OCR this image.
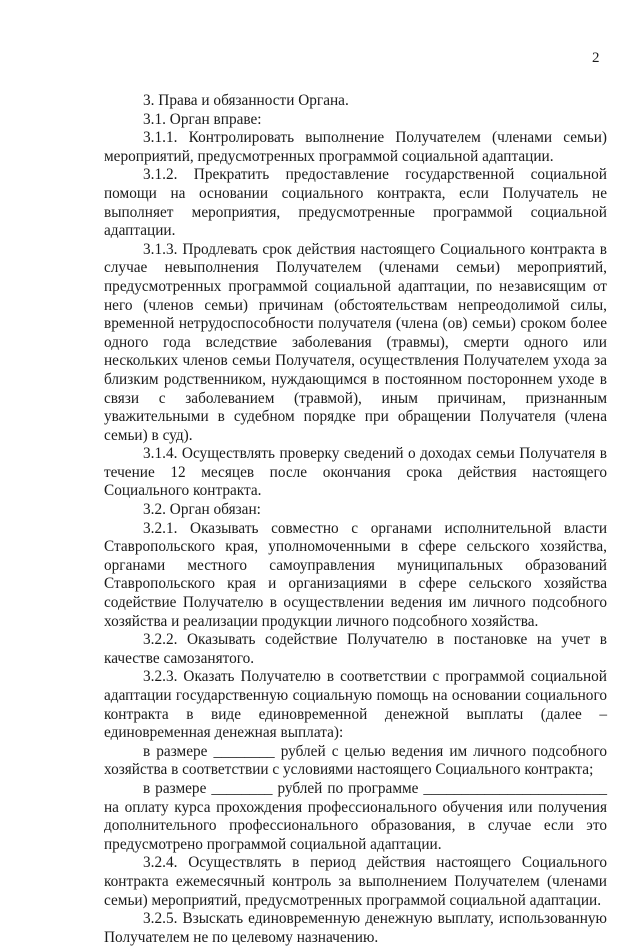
2

3. Права и обязанности Органа.

3.1. Орган вправе:

3.1.1. Контролировать выполнение Получателем (членами семьи) мероприятий, предусмотренных программой социальной адаптации.

3.1.2. Прекратить предоставление государственной социальной помощи на основании социального контракта, если Получатель не выполняет мероприятия, предусмотренные программой социальной адаптации.

3.1.3. Продлевать срок действия настоящего Социального контракта в случае невыполнения Получателем (членами семьи) мероприятий, предусмотренных программой социальной адаптации, по независящим от него (членов семьи) причинам (обстоятельствам непреодолимой силы, временной нетрудоспособности получателя (члена (ов) семьи) сроком более одного года вследствие заболевания (травмы), смерти одного или нескольких членов семьи Получателя, осуществления Получателем ухода за близким родственником, нуждающимся в постоянном постороннем уходе в связи с заболеванием (травмой), иным причинам, признанным уважительными в судебном порядке при обращении Получателя (члена семьи) в суд).

3.1.4. Осуществлять проверку сведений о доходах семьи Получателя в течение 12 месяцев после окончания срока действия настоящего Социального контракта.

3.2. Орган обязан:

3.2.1. Оказывать совместно с органами исполнительной власти Ставропольского края, уполномоченными в сфере сельского хозяйства, органами местного самоуправления муниципальных образований Ставропольского края и организациями в сфере сельского хозяйства содействие Получателю в осуществлении ведения им личного подсобного хозяйства и реализации продукции личного подсобного хозяйства.

3.2.2. Оказывать содействие Получателю в постановке на учет в качестве самозанятого.

3.2.3. Оказать Получателю в соответствии с программой социальной адаптации государственную социальную помощь на основании социального контракта в виде единовременной денежной выплаты (далее – единовременная денежная выплата):

в размере ________ рублей с целью ведения им личного подсобного хозяйства в соответствии с условиями настоящего Социального контракта;

в размере ________ рублей по программе ________________________ на оплату курса прохождения профессионального обучения или получения дополнительного профессионального образования, в случае если это предусмотрено программой социальной адаптации.

3.2.4. Осуществлять в период действия настоящего Социального контракта ежемесячный контроль за выполнением Получателем (членами семьи) мероприятий, предусмотренных программой социальной адаптации.

3.2.5. Взыскать единовременную денежную выплату, использованную Получателем не по целевому назначению.
